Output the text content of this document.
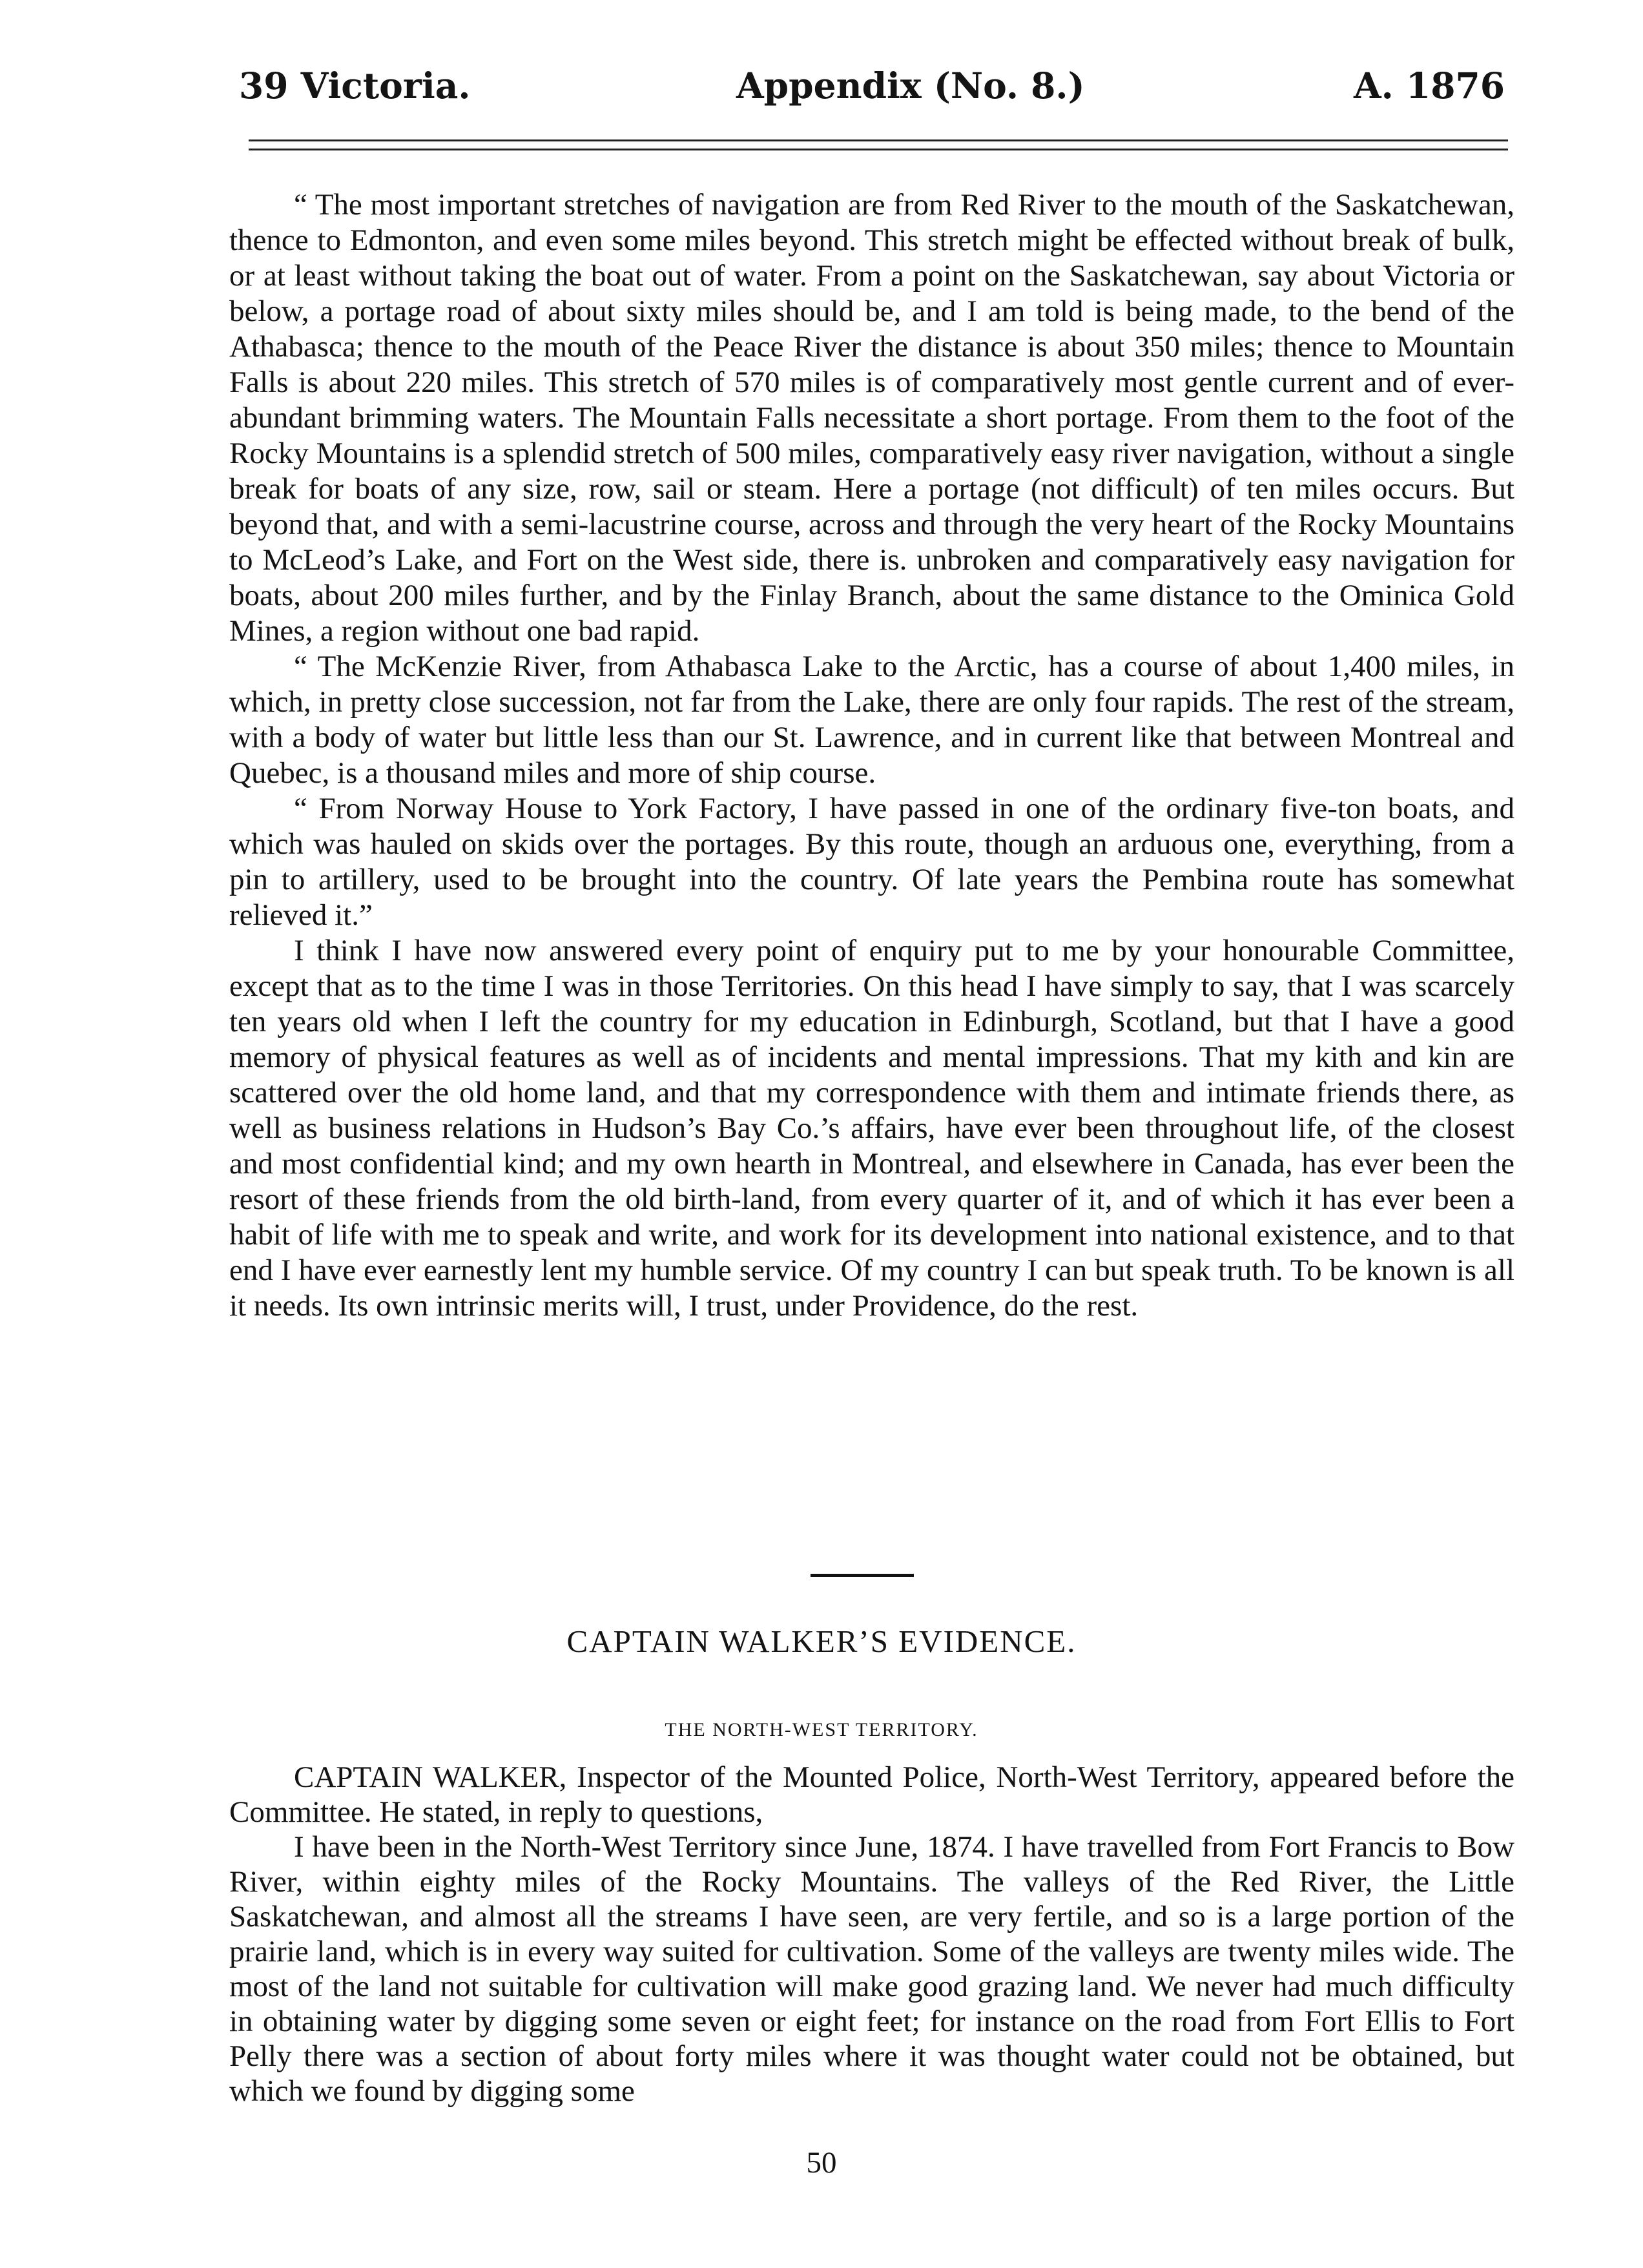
39 Victoria.	Appendix (No. 8.)	A. 1876

“ The most important stretches of navigation are from Red River to the mouth of the Saskatchewan, thence to Edmonton, and even some miles beyond. This stretch might be effected without break of bulk, or at least without taking the boat out of water. From a point on the Saskatchewan, say about Victoria or below, a portage road of about sixty miles should be, and I am told is being made, to the bend of the Athabasca; thence to the mouth of the Peace River the distance is about 350 miles; thence to Mountain Falls is about 220 miles. This stretch of 570 miles is of comparatively most gentle current and of ever-abundant brimming waters. The Mountain Falls necessitate a short portage. From them to the foot of the Rocky Mountains is a splendid stretch of 500 miles, comparatively easy river navigation, without a single break for boats of any size, row, sail or steam. Here a portage (not difficult) of ten miles occurs. But beyond that, and with a semi-lacustrine course, across and through the very heart of the Rocky Mountains to McLeod’s Lake, and Fort on the West side, there is. unbroken and comparatively easy navigation for boats, about 200 miles further, and by the Finlay Branch, about the same distance to the Ominica Gold Mines, a region without one bad rapid.

“ The McKenzie River, from Athabasca Lake to the Arctic, has a course of about 1,400 miles, in which, in pretty close succession, not far from the Lake, there are only four rapids. The rest of the stream, with a body of water but little less than our St. Lawrence, and in current like that between Montreal and Quebec, is a thousand miles and more of ship course.

“ From Norway House to York Factory, I have passed in one of the ordinary five-ton boats, and which was hauled on skids over the portages. By this route, though an arduous one, everything, from a pin to artillery, used to be brought into the country. Of late years the Pembina route has somewhat relieved it.”

I think I have now answered every point of enquiry put to me by your honourable Committee, except that as to the time I was in those Territories. On this head I have simply to say, that I was scarcely ten years old when I left the country for my education in Edinburgh, Scotland, but that I have a good memory of physical features as well as of incidents and mental impressions. That my kith and kin are scattered over the old home land, and that my correspondence with them and intimate friends there, as well as business relations in Hudson’s Bay Co.’s affairs, have ever been throughout life, of the closest and most confidential kind; and my own hearth in Montreal, and elsewhere in Canada, has ever been the resort of these friends from the old birth-land, from every quarter of it, and of which it has ever been a habit of life with me to speak and write, and work for its development into national existence, and to that end I have ever earnestly lent my humble service. Of my country I can but speak truth. To be known is all it needs. Its own intrinsic merits will, I trust, under Providence, do the rest.

CAPTAIN WALKER’S EVIDENCE.
THE NORTH-WEST TERRITORY.

CAPTAIN WALKER, Inspector of the Mounted Police, North-West Territory, appeared before the Committee. He stated, in reply to questions,

I have been in the North-West Territory since June, 1874. I have travelled from Fort Francis to Bow River, within eighty miles of the Rocky Mountains. The valleys of the Red River, the Little Saskatchewan, and almost all the streams I have seen, are very fertile, and so is a large portion of the prairie land, which is in every way suited for cultivation. Some of the valleys are twenty miles wide. The most of the land not suitable for cultivation will make good grazing land. We never had much difficulty in obtaining water by digging some seven or eight feet; for instance on the road from Fort Ellis to Fort Pelly there was a section of about forty miles where it was thought water could not be obtained, but which we found by digging some

50
